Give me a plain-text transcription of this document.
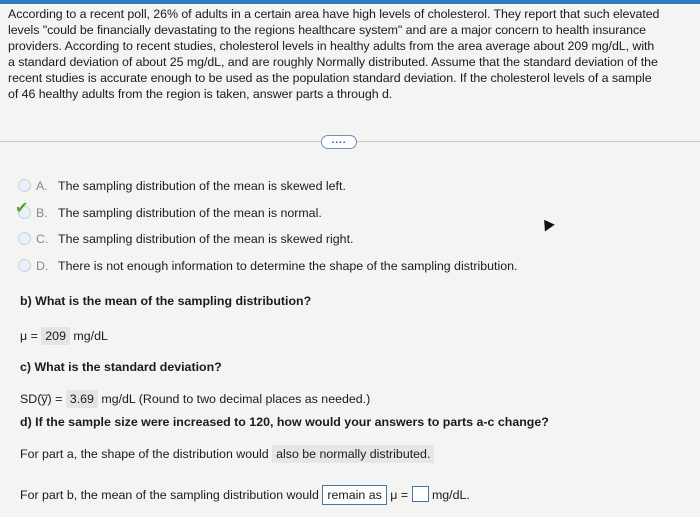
According to a recent poll, 26% of adults in a certain area have high levels of cholesterol. They report that such elevated

levels "could be financially devastating to the regions healthcare system" and are a major concern to health insurance

providers. According to recent studies, cholesterol levels in healthy adults from the area average about 209 mg/dL, with

a standard deviation of about 25 mg/dL, and are roughly Normally distributed. Assume that the standard deviation of the

recent studies is accurate enough to be used as the population standard deviation. If the cholesterol levels of a sample

of 46 healthy adults from the region is taken, answer parts a through d.

....
A. The sampling distribution of the mean is skewed left.
✔ B. The sampling distribution of the mean is normal.
C. The sampling distribution of the mean is skewed right.
D. There is not enough information to determine the shape of the sampling distribution.
b) What is the mean of the sampling distribution?
μ = 209 mg/dL
c) What is the standard deviation?
SD(y̅) = 3.69 mg/dL (Round to two decimal places as needed.)
d) If the sample size were increased to 120, how would your answers to parts a-c change?
For part a, the shape of the distribution would also be normally distributed.
For part b, the mean of the sampling distribution would remain as μ = mg/dL.
